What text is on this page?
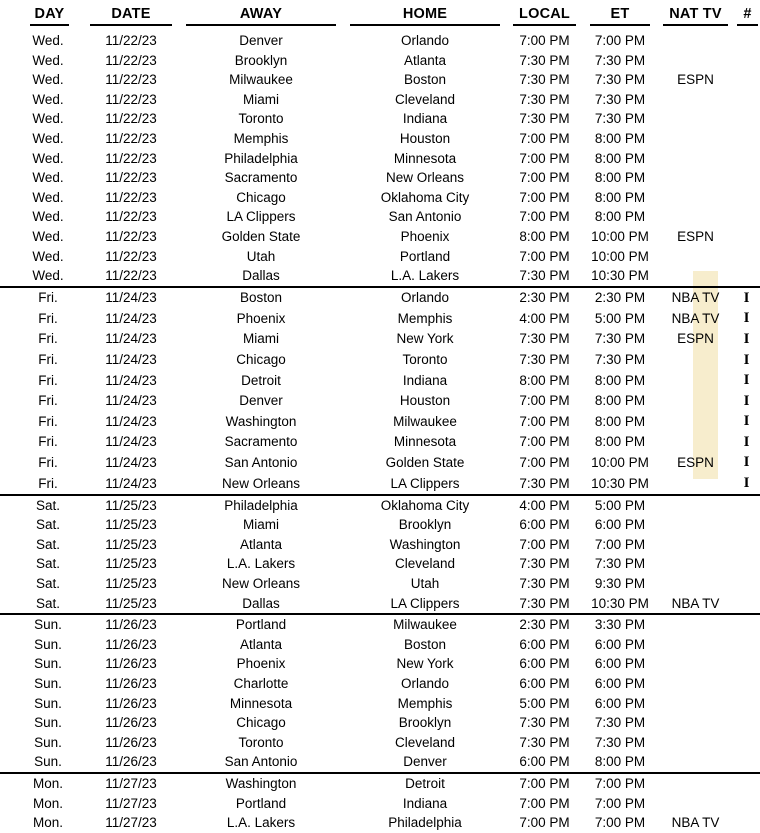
DAY	DATE	AWAY	HOME	LOCAL	ET	NAT TV	#

Wed.	11/22/23	Denver	Orlando	7:00 PM	7:00 PM		
Wed.	11/22/23	Brooklyn	Atlanta	7:30 PM	7:30 PM		
Wed.	11/22/23	Milwaukee	Boston	7:30 PM	7:30 PM	ESPN	
Wed.	11/22/23	Miami	Cleveland	7:30 PM	7:30 PM		
Wed.	11/22/23	Toronto	Indiana	7:30 PM	7:30 PM		
Wed.	11/22/23	Memphis	Houston	7:00 PM	8:00 PM		
Wed.	11/22/23	Philadelphia	Minnesota	7:00 PM	8:00 PM		
Wed.	11/22/23	Sacramento	New Orleans	7:00 PM	8:00 PM		
Wed.	11/22/23	Chicago	Oklahoma City	7:00 PM	8:00 PM		
Wed.	11/22/23	LA Clippers	San Antonio	7:00 PM	8:00 PM		
Wed.	11/22/23	Golden State	Phoenix	8:00 PM	10:00 PM	ESPN	
Wed.	11/22/23	Utah	Portland	7:00 PM	10:00 PM		
Wed.	11/22/23	Dallas	L.A. Lakers	7:30 PM	10:30 PM		
Fri.	11/24/23	Boston	Orlando	2:30 PM	2:30 PM	NBA TV	I
Fri.	11/24/23	Phoenix	Memphis	4:00 PM	5:00 PM	NBA TV	I
Fri.	11/24/23	Miami	New York	7:30 PM	7:30 PM	ESPN	I
Fri.	11/24/23	Chicago	Toronto	7:30 PM	7:30 PM		I
Fri.	11/24/23	Detroit	Indiana	8:00 PM	8:00 PM		I
Fri.	11/24/23	Denver	Houston	7:00 PM	8:00 PM		I
Fri.	11/24/23	Washington	Milwaukee	7:00 PM	8:00 PM		I
Fri.	11/24/23	Sacramento	Minnesota	7:00 PM	8:00 PM		I
Fri.	11/24/23	San Antonio	Golden State	7:00 PM	10:00 PM	ESPN	I
Fri.	11/24/23	New Orleans	LA Clippers	7:30 PM	10:30 PM		I
Sat.	11/25/23	Philadelphia	Oklahoma City	4:00 PM	5:00 PM		
Sat.	11/25/23	Miami	Brooklyn	6:00 PM	6:00 PM		
Sat.	11/25/23	Atlanta	Washington	7:00 PM	7:00 PM		
Sat.	11/25/23	L.A. Lakers	Cleveland	7:30 PM	7:30 PM		
Sat.	11/25/23	New Orleans	Utah	7:30 PM	9:30 PM		
Sat.	11/25/23	Dallas	LA Clippers	7:30 PM	10:30 PM	NBA TV	
Sun.	11/26/23	Portland	Milwaukee	2:30 PM	3:30 PM		
Sun.	11/26/23	Atlanta	Boston	6:00 PM	6:00 PM		
Sun.	11/26/23	Phoenix	New York	6:00 PM	6:00 PM		
Sun.	11/26/23	Charlotte	Orlando	6:00 PM	6:00 PM		
Sun.	11/26/23	Minnesota	Memphis	5:00 PM	6:00 PM		
Sun.	11/26/23	Chicago	Brooklyn	7:30 PM	7:30 PM		
Sun.	11/26/23	Toronto	Cleveland	7:30 PM	7:30 PM		
Sun.	11/26/23	San Antonio	Denver	6:00 PM	8:00 PM		
Mon.	11/27/23	Washington	Detroit	7:00 PM	7:00 PM		
Mon.	11/27/23	Portland	Indiana	7:00 PM	7:00 PM		
Mon.	11/27/23	L.A. Lakers	Philadelphia	7:00 PM	7:00 PM	NBA TV	
